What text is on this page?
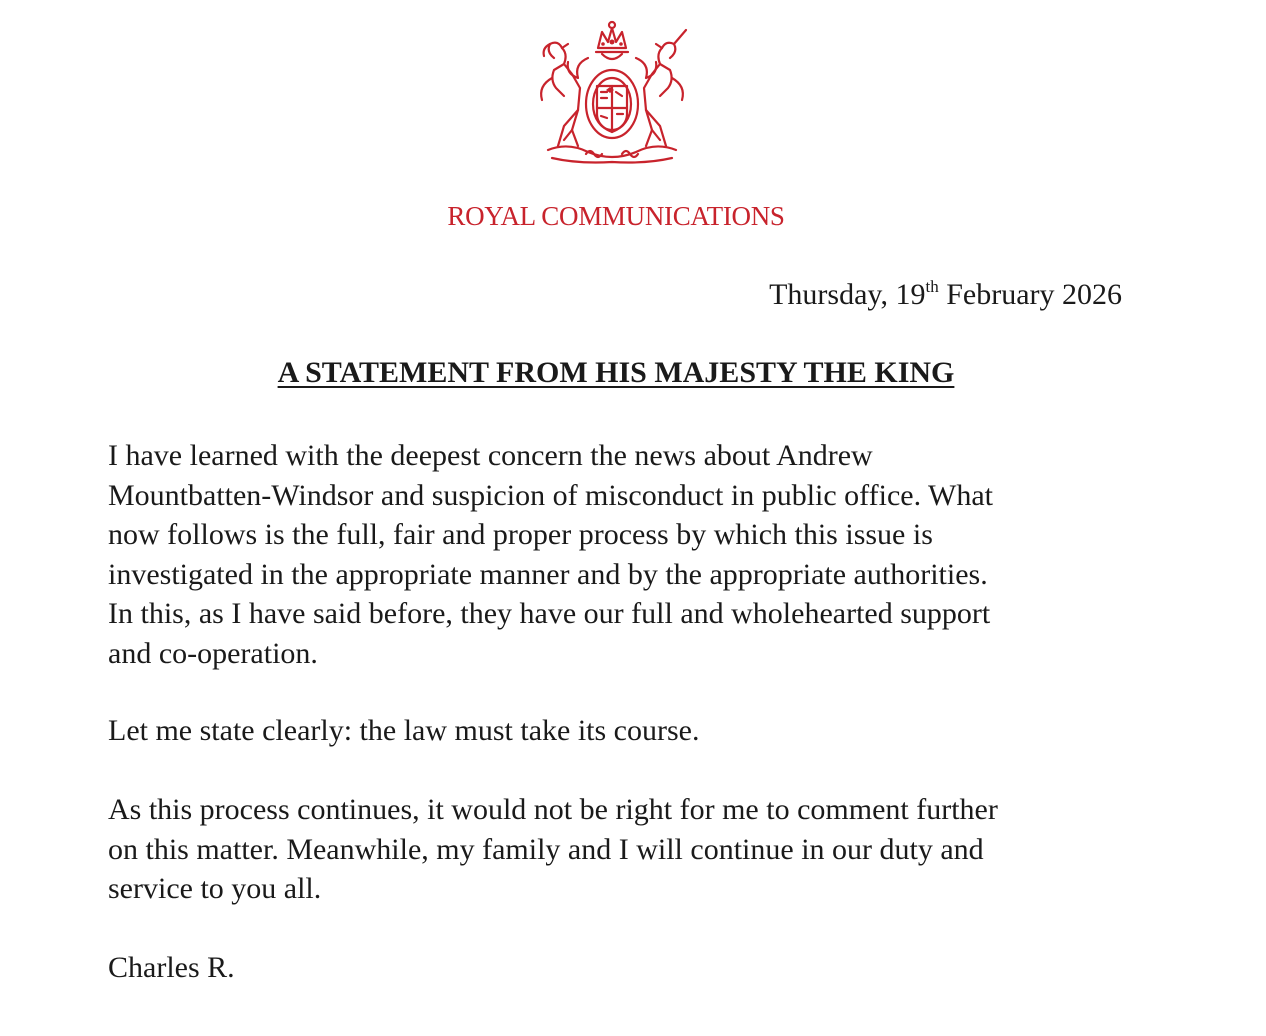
ROYAL COMMUNICATIONS
Thursday, 19th February 2026
A STATEMENT FROM HIS MAJESTY THE KING
I have learned with the deepest concern the news about Andrew
Mountbatten-Windsor and suspicion of misconduct in public office. What
now follows is the full, fair and proper process by which this issue is
investigated in the appropriate manner and by the appropriate authorities.
In this, as I have said before, they have our full and wholehearted support
and co-operation.
Let me state clearly: the law must take its course.
As this process continues, it would not be right for me to comment further
on this matter. Meanwhile, my family and I will continue in our duty and
service to you all.
Charles R.
